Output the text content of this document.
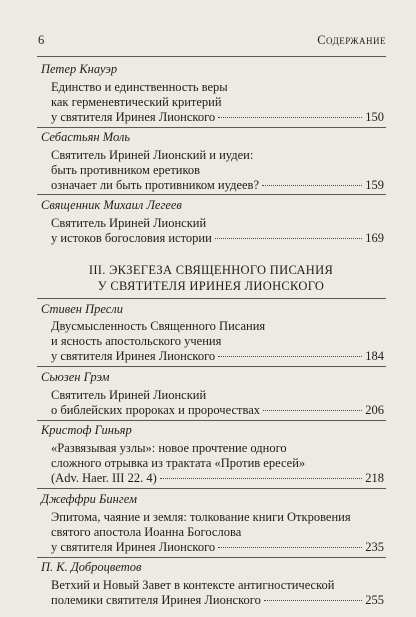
6	Содержание
Петер Кнауэр
Единство и единственность веры
как герменевтический критерий
у святителя Иринея Лионского	150
Себастьян Моль
Святитель Ириней Лионский и иудеи:
быть противником еретиков
означает ли быть противником иудеев?	159
Священник Михаил Легеев
Святитель Ириней Лионский
у истоков богословия истории	169
III. ЭКЗЕГЕЗА СВЯЩЕННОГО ПИСАНИЯ
У СВЯТИТЕЛЯ ИРИНЕЯ ЛИОНСКОГО
Стивен Пресли
Двусмысленность Священного Писания
и ясность апостольского учения
у святителя Иринея Лионского	184
Сьюзен Грэм
Святитель Ириней Лионский
о библейских пророках и пророчествах	206
Кристоф Гиньяр
«Развязывая узлы»: новое прочтение одного
сложного отрывка из трактата «Против ересей»
(Adv. Haer. III 22. 4)	218
Джеффри Бингем
Эпитома, чаяние и земля: толкование книги Откровения
святого апостола Иоанна Богослова
у святителя Иринея Лионского	235
П. К. Доброцветов
Ветхий и Новый Завет в контексте антигностической
полемики святителя Иринея Лионского	255
